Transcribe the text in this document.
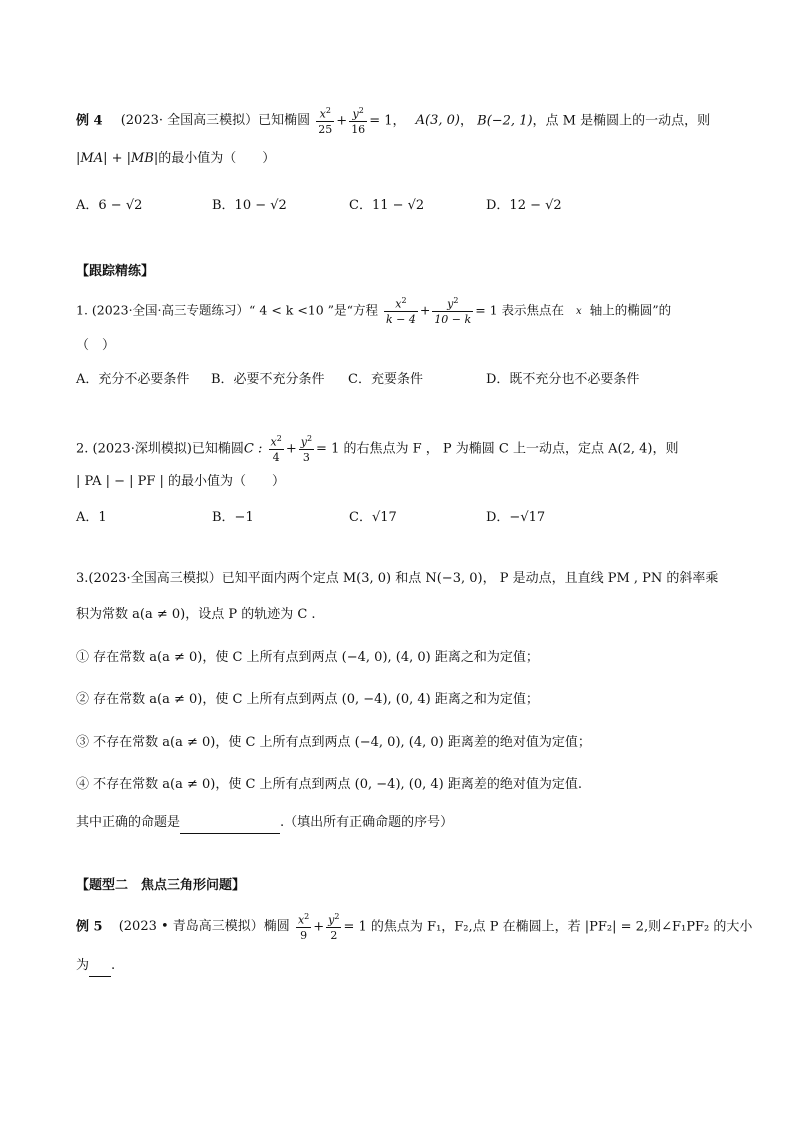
例 4 (2023· 全国高三模拟）已知椭圆 $\frac{x^2}{25} + \frac{y^2}{16} = 1$， A(3, 0)， B(−2, 1)，点 M 是椭圆上的一动点，则
|MA| + |MB|的最小值为（　　）
A．6 − √2	B．10 − √2	C．11 − √2	D．12 − √2
【跟踪精练】
1. (2023·全国·高三专题练习）“ 4 < k <10 ”是“方程 $\frac{x^2}{k - 4} + \frac{y^2}{10 - k} = 1$ 表示焦点在 x 轴上的椭圆”的
（　）
A．充分不必要条件 B．必要不充分条件 C．充要条件	D．既不充分也不必要条件
2. (2023·深圳模拟)已知椭圆C : $\frac{x^2}{4} + \frac{y^2}{3} = 1$ 的右焦点为 F ， P 为椭圆 C 上一动点，定点 A(2, 4)，则
| PA | − | PF | 的最小值为（　　）
A．1	B．−1	C．√17	D．−√17
3.(2023·全国高三模拟）已知平面内两个定点 M(3, 0) 和点 N(−3, 0)， P 是动点，且直线 PM , PN 的斜率乘
积为常数 a(a ≠ 0)，设点 P 的轨迹为 C .
① 存在常数 a(a ≠ 0)，使 C 上所有点到两点 (−4, 0), (4, 0) 距离之和为定值；
② 存在常数 a(a ≠ 0)，使 C 上所有点到两点 (0, −4), (0, 4) 距离之和为定值；
③ 不存在常数 a(a ≠ 0)，使 C 上所有点到两点 (−4, 0), (4, 0) 距离差的绝对值为定值；
④ 不存在常数 a(a ≠ 0)，使 C 上所有点到两点 (0, −4), (0, 4) 距离差的绝对值为定值.
其中正确的命题是	.（填出所有正确命题的序号）
【题型二　焦点三角形问题】
例 5 (2023 • 青岛高三模拟）椭圆 $\frac{x^2}{9} + \frac{y^2}{2} = 1$ 的焦点为 F₁，F₂,点 P 在椭圆上，若 |PF₂| = 2,则∠F₁PF₂ 的大小
为 .
